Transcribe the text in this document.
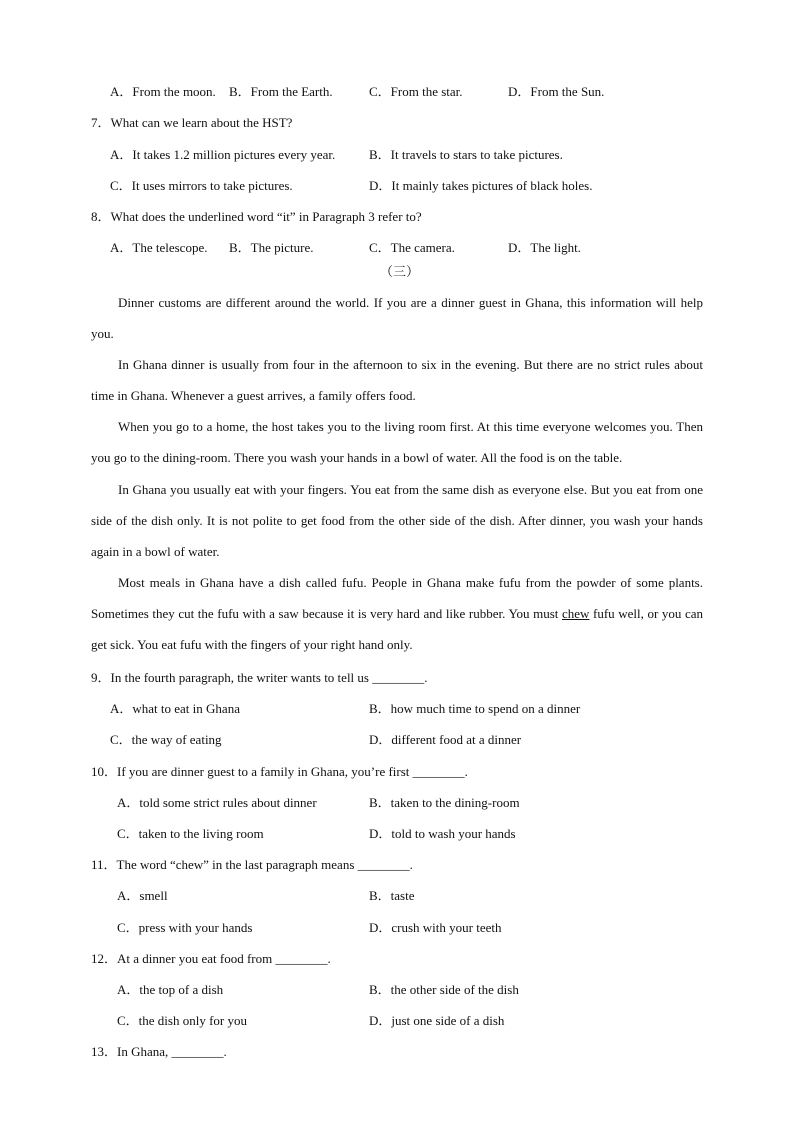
A．From the moon. B．From the Earth.	C．From the star.	D．From the Sun.
7．What can we learn about the HST?
A．It takes 1.2 million pictures every year.	B．It travels to stars to take pictures.
C．It uses mirrors to take pictures.	D．It mainly takes pictures of black holes.
8．What does the underlined word “it” in Paragraph 3 refer to?
A．The telescope. B．The picture.	C．The camera.	D．The light.
（三）
Dinner customs are different around the world. If you are a dinner guest in Ghana, this information will help you.
In Ghana dinner is usually from four in the afternoon to six in the evening. But there are no strict rules about time in Ghana. Whenever a guest arrives, a family offers food.
When you go to a home, the host takes you to the living room first. At this time everyone welcomes you. Then you go to the dining-room. There you wash your hands in a bowl of water. All the food is on the table.
In Ghana you usually eat with your fingers. You eat from the same dish as everyone else. But you eat from one side of the dish only. It is not polite to get food from the other side of the dish. After dinner, you wash your hands again in a bowl of water.
Most meals in Ghana have a dish called fufu. People in Ghana make fufu from the powder of some plants. Sometimes they cut the fufu with a saw because it is very hard and like rubber. You must chew fufu well, or you can get sick. You eat fufu with the fingers of your right hand only.
9．In the fourth paragraph, the writer wants to tell us ________.
A．what to eat in Ghana	B．how much time to spend on a dinner
C．the way of eating	D．different food at a dinner
10．If you are dinner guest to a family in Ghana, you’re first ________.
A．told some strict rules about dinner	B．taken to the dining-room
C．taken to the living room	D．told to wash your hands
11．The word “chew” in the last paragraph means ________.
A．smell	B．taste
C．press with your hands	D．crush with your teeth
12．At a dinner you eat food from ________.
A．the top of a dish	B．the other side of the dish
C．the dish only for you	D．just one side of a dish
13．In Ghana, ________.
